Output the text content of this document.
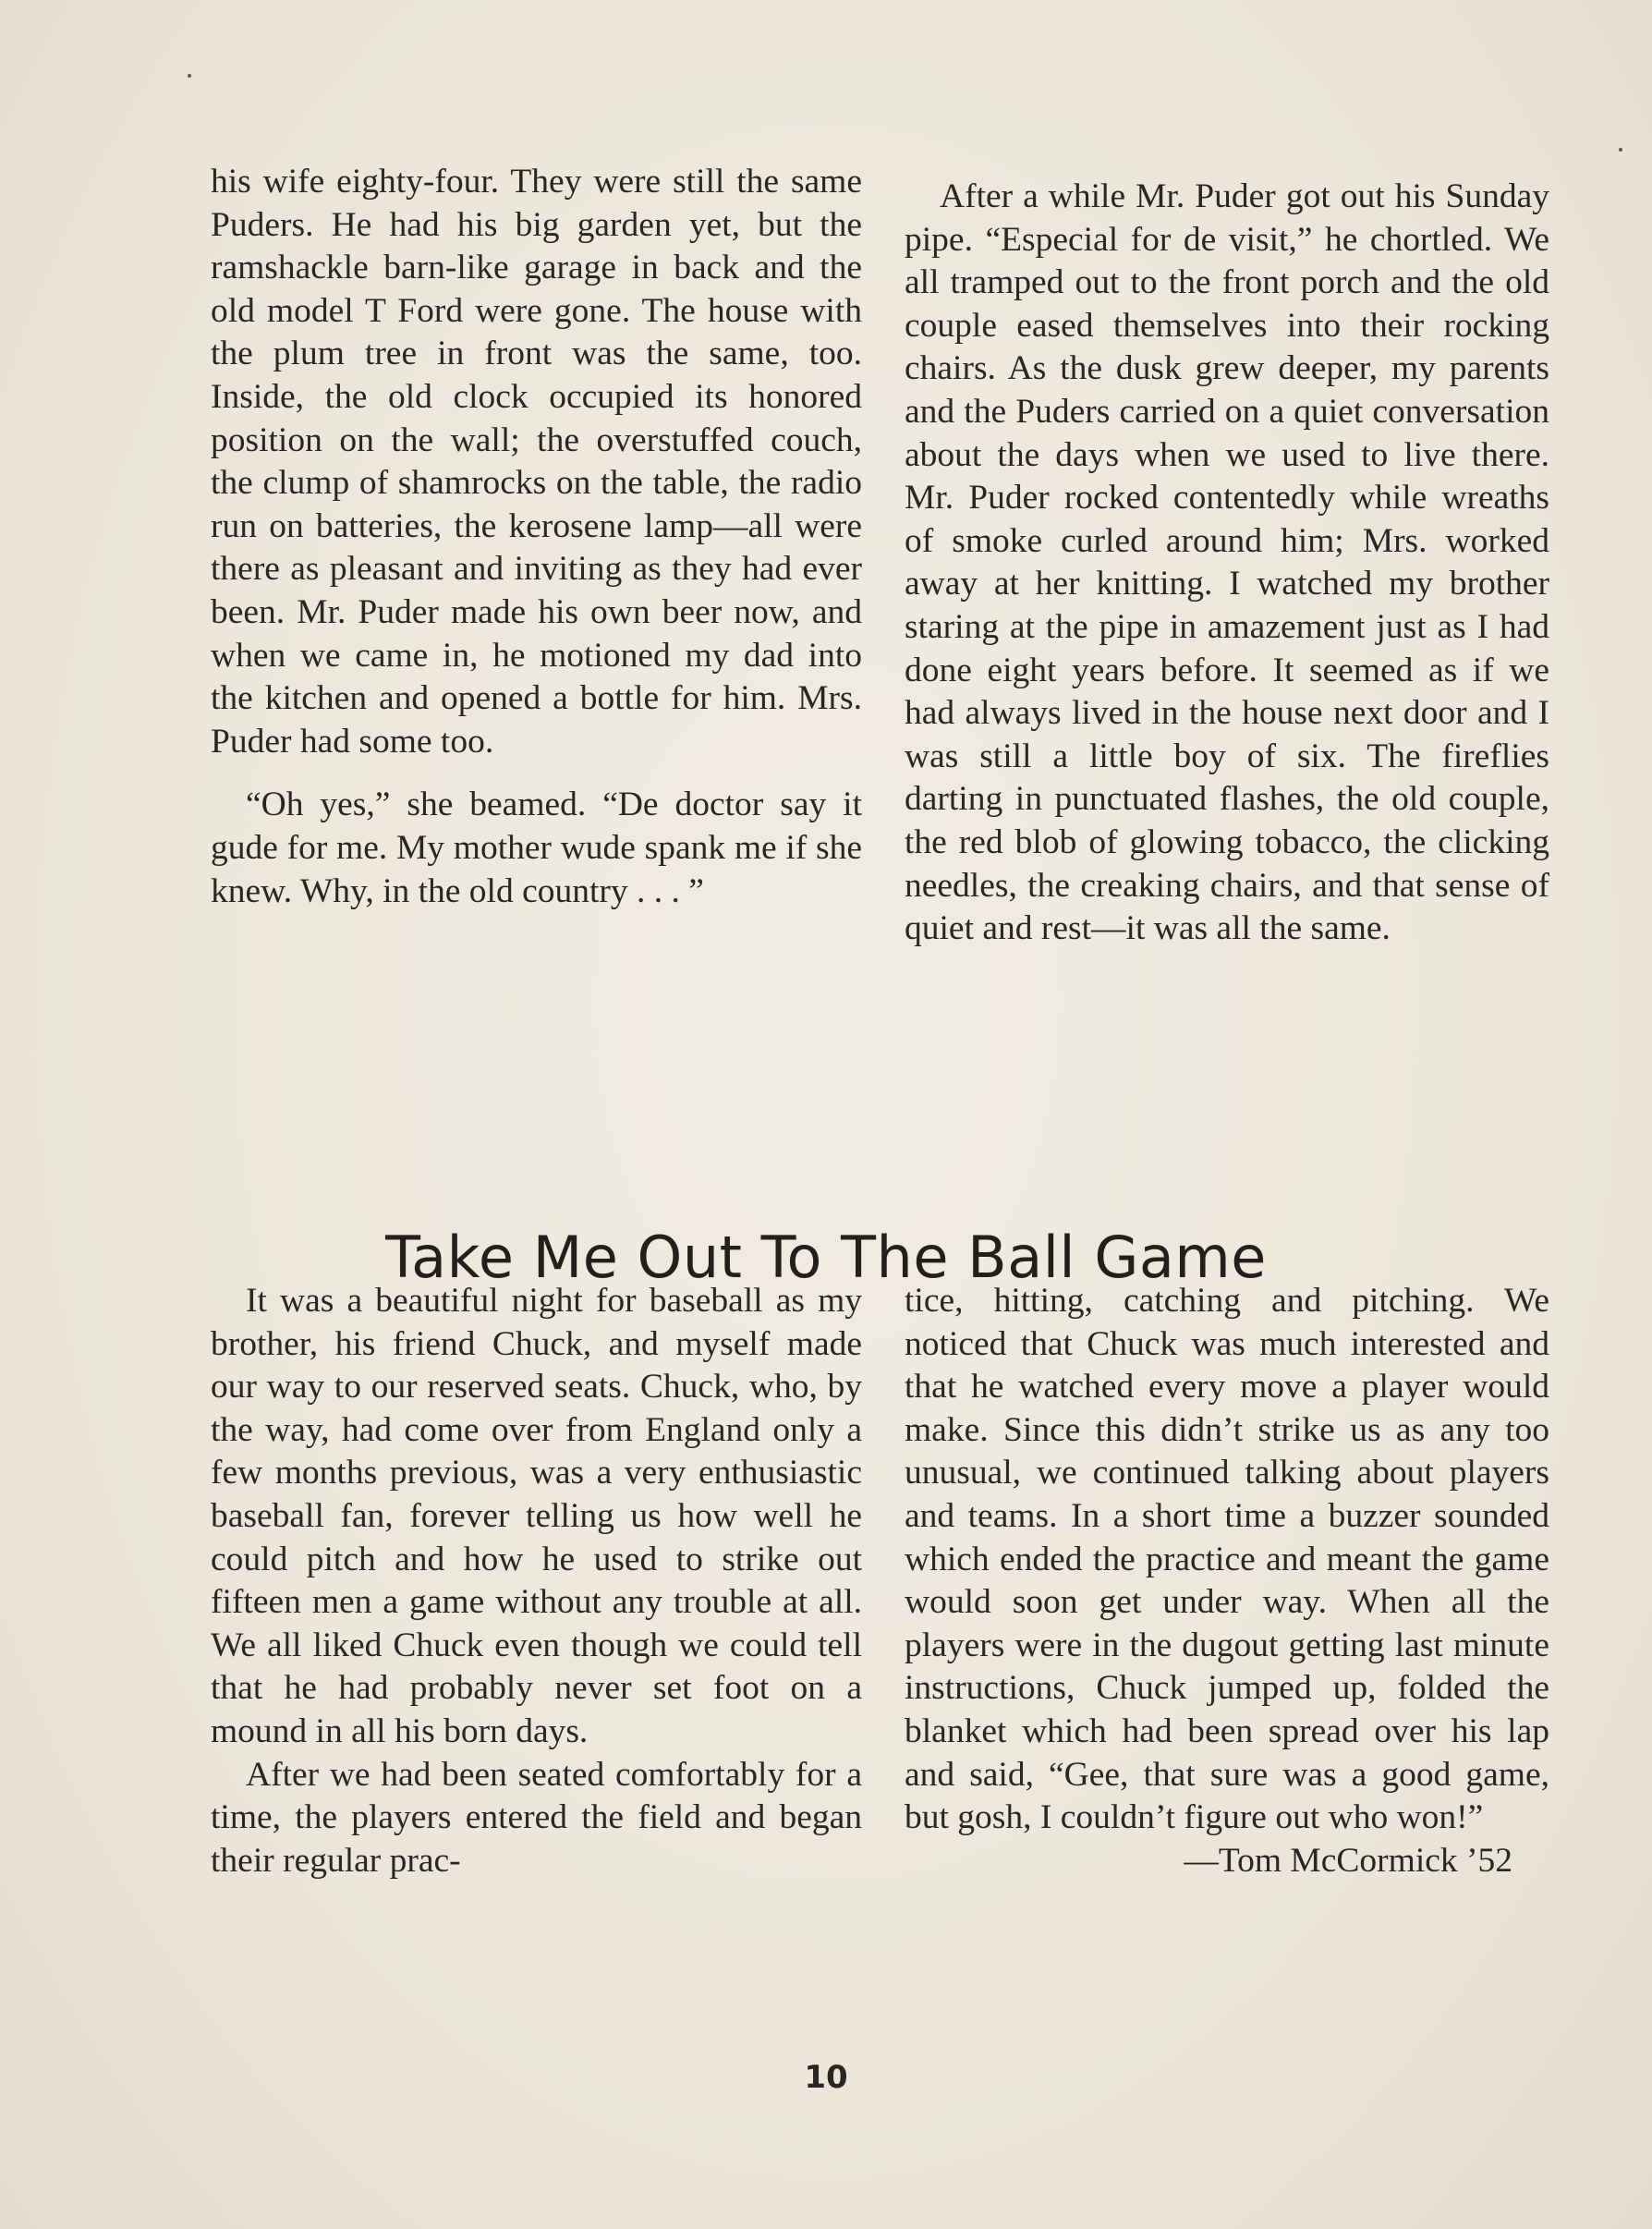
his wife eighty-four. They were still the same Puders. He had his big garden yet, but the ramshackle barn-like garage in back and the old model T Ford were gone. The house with the plum tree in front was the same, too. Inside, the old clock occupied its honored position on the wall; the overstuffed couch, the clump of shamrocks on the table, the radio run on batteries, the kerosene lamp—all were there as pleasant and inviting as they had ever been. Mr. Puder made his own beer now, and when we came in, he motioned my dad into the kitchen and opened a bottle for him. Mrs. Puder had some too.

“Oh yes,” she beamed. “De doctor say it gude for me. My mother wude spank me if she knew. Why, in the old country . . . ”

After a while Mr. Puder got out his Sunday pipe. “Especial for de visit,” he chortled. We all tramped out to the front porch and the old couple eased themselves into their rocking chairs. As the dusk grew deeper, my parents and the Puders carried on a quiet conversation about the days when we used to live there. Mr. Puder rocked contentedly while wreaths of smoke curled around him; Mrs. worked away at her knitting. I watched my brother staring at the pipe in amazement just as I had done eight years before. It seemed as if we had always lived in the house next door and I was still a little boy of six. The fireflies darting in punctuated flashes, the old couple, the red blob of glowing tobacco, the clicking needles, the creaking chairs, and that sense of quiet and rest—it was all the same.

Take Me Out To The Ball Game

It was a beautiful night for baseball as my brother, his friend Chuck, and myself made our way to our reserved seats. Chuck, who, by the way, had come over from England only a few months previous, was a very enthusiastic baseball fan, forever telling us how well he could pitch and how he used to strike out fifteen men a game without any trouble at all. We all liked Chuck even though we could tell that he had probably never set foot on a mound in all his born days.

After we had been seated comfortably for a time, the players entered the field and began their regular prac-

tice, hitting, catching and pitching. We noticed that Chuck was much interested and that he watched every move a player would make. Since this didn’t strike us as any too unusual, we continued talking about players and teams. In a short time a buzzer sounded which ended the practice and meant the game would soon get under way. When all the players were in the dugout getting last minute instructions, Chuck jumped up, folded the blanket which had been spread over his lap and said, “Gee, that sure was a good game, but gosh, I couldn’t figure out who won!”

—Tom McCormick ’52

10
